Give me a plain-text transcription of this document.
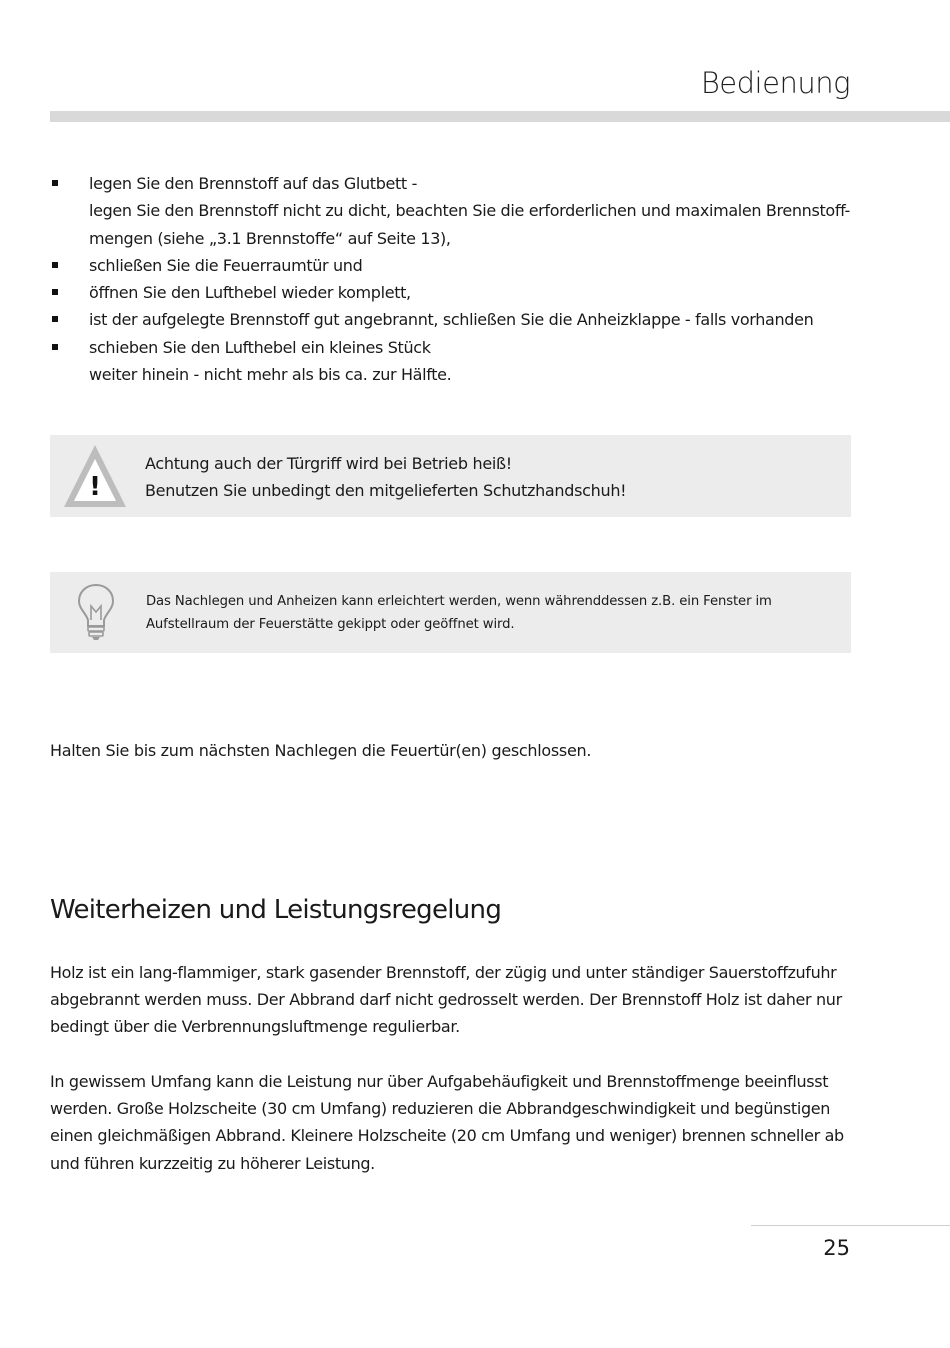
Bedienung
legen Sie den Brennstoff auf das Glutbett -
legen Sie den Brennstoff nicht zu dicht, beachten Sie die erforderlichen und maximalen Brennstoff-
mengen (siehe „3.1 Brennstoffe“ auf Seite 13),
schließen Sie die Feuerraumtür und
öffnen Sie den Lufthebel wieder komplett,
ist der aufgelegte Brennstoff gut angebrannt, schließen Sie die Anheizklappe - falls vorhanden
schieben Sie den Lufthebel ein kleines Stück
weiter hinein - nicht mehr als bis ca. zur Hälfte.
!
Achtung auch der Türgriff wird bei Betrieb heiß!
Benutzen Sie unbedingt den mitgelieferten Schutzhandschuh!
Das Nachlegen und Anheizen kann erleichtert werden, wenn währenddessen z.B. ein Fenster im
Aufstellraum der Feuerstätte gekippt oder geöffnet wird.
Halten Sie bis zum nächsten Nachlegen die Feuertür(en) geschlossen.
Weiterheizen und Leistungsregelung

Holz ist ein lang-flammiger, stark gasender Brennstoff, der zügig und unter ständiger Sauerstoffzufuhr abgebrannt werden muss. Der Abbrand darf nicht gedrosselt werden. Der Brennstoff Holz ist daher nur bedingt über die Verbrennungsluftmenge regulierbar.

In gewissem Umfang kann die Leistung nur über Aufgabehäufigkeit und Brennstoffmenge beeinflusst werden. Große Holzscheite (30 cm Umfang) reduzieren die Abbrandgeschwindigkeit und begünstigen einen gleichmäßigen Abbrand. Kleinere Holzscheite (20 cm Umfang und weniger) brennen schneller ab und führen kurzzeitig zu höherer Leistung.

25
